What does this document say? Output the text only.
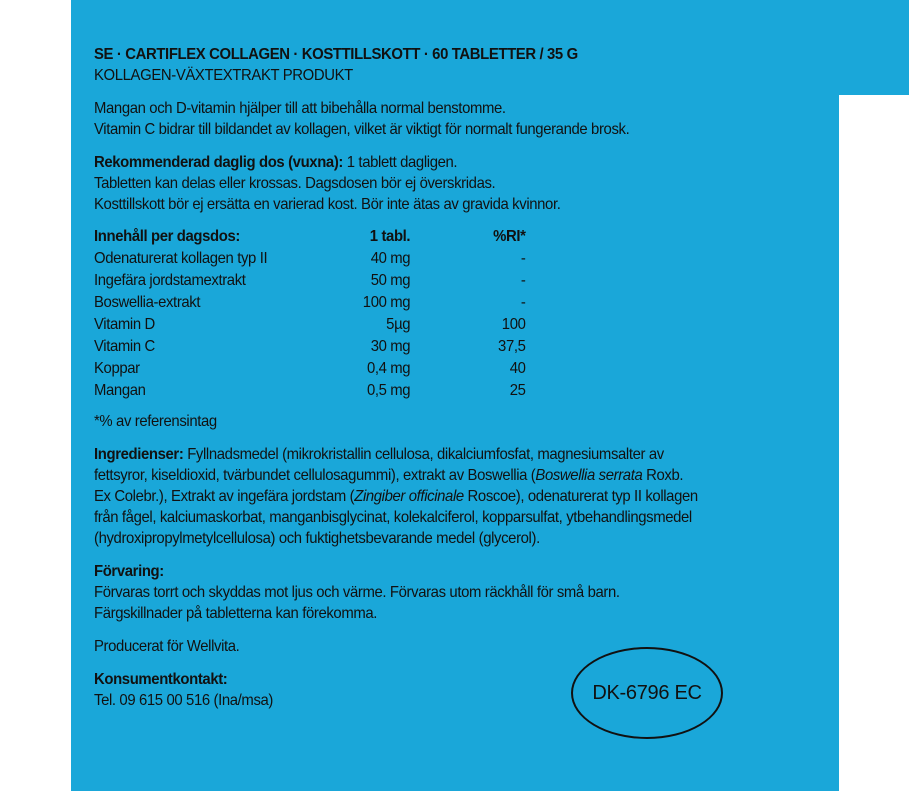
SE · CARTIFLEX COLLAGEN · KOSTTILLSKOTT · 60 TABLETTER / 35 G
KOLLAGEN-VÄXTEXTRAKT PRODUKT
Mangan och D-vitamin hjälper till att bibehålla normal benstomme.
Vitamin C bidrar till bildandet av kollagen, vilket är viktigt för normalt fungerande brosk.
Rekommenderad daglig dos (vuxna): 1 tablett dagligen.
Tabletten kan delas eller krossas. Dagsdosen bör ej överskridas.
Kosttillskott bör ej ersätta en varierad kost. Bör inte ätas av gravida kvinnor.
Innehåll per dagsdos:	1 tabl.	%RI*
Odenaturerat kollagen typ II	40 mg	-
Ingefära jordstamextrakt	50 mg	-
Boswellia-extrakt	100 mg	-
Vitamin D	5µg	100
Vitamin C	30 mg	37,5
Koppar	0,4 mg	40
Mangan	0,5 mg	25
*% av referensintag
Ingredienser: Fyllnadsmedel (mikrokristallin cellulosa, dikalciumfosfat, magnesiumsalter av
fettsyror, kiseldioxid, tvärbundet cellulosagummi), extrakt av Boswellia (Boswellia serrata Roxb.
Ex Colebr.), Extrakt av ingefära jordstam (Zingiber officinale Roscoe), odenaturerat typ II kollagen
från fågel, kalciumaskorbat, manganbisglycinat, kolekalciferol, kopparsulfat, ytbehandlingsmedel
(hydroxipropylmetylcellulosa) och fuktighetsbevarande medel (glycerol).
Förvaring:
Förvaras torrt och skyddas mot ljus och värme. Förvaras utom räckhåll för små barn.
Färgskillnader på tabletterna kan förekomma.
Producerat för Wellvita.
Konsumentkontakt:
Tel. 09 615 00 516 (Ina/msa)	DK-6796 EC
